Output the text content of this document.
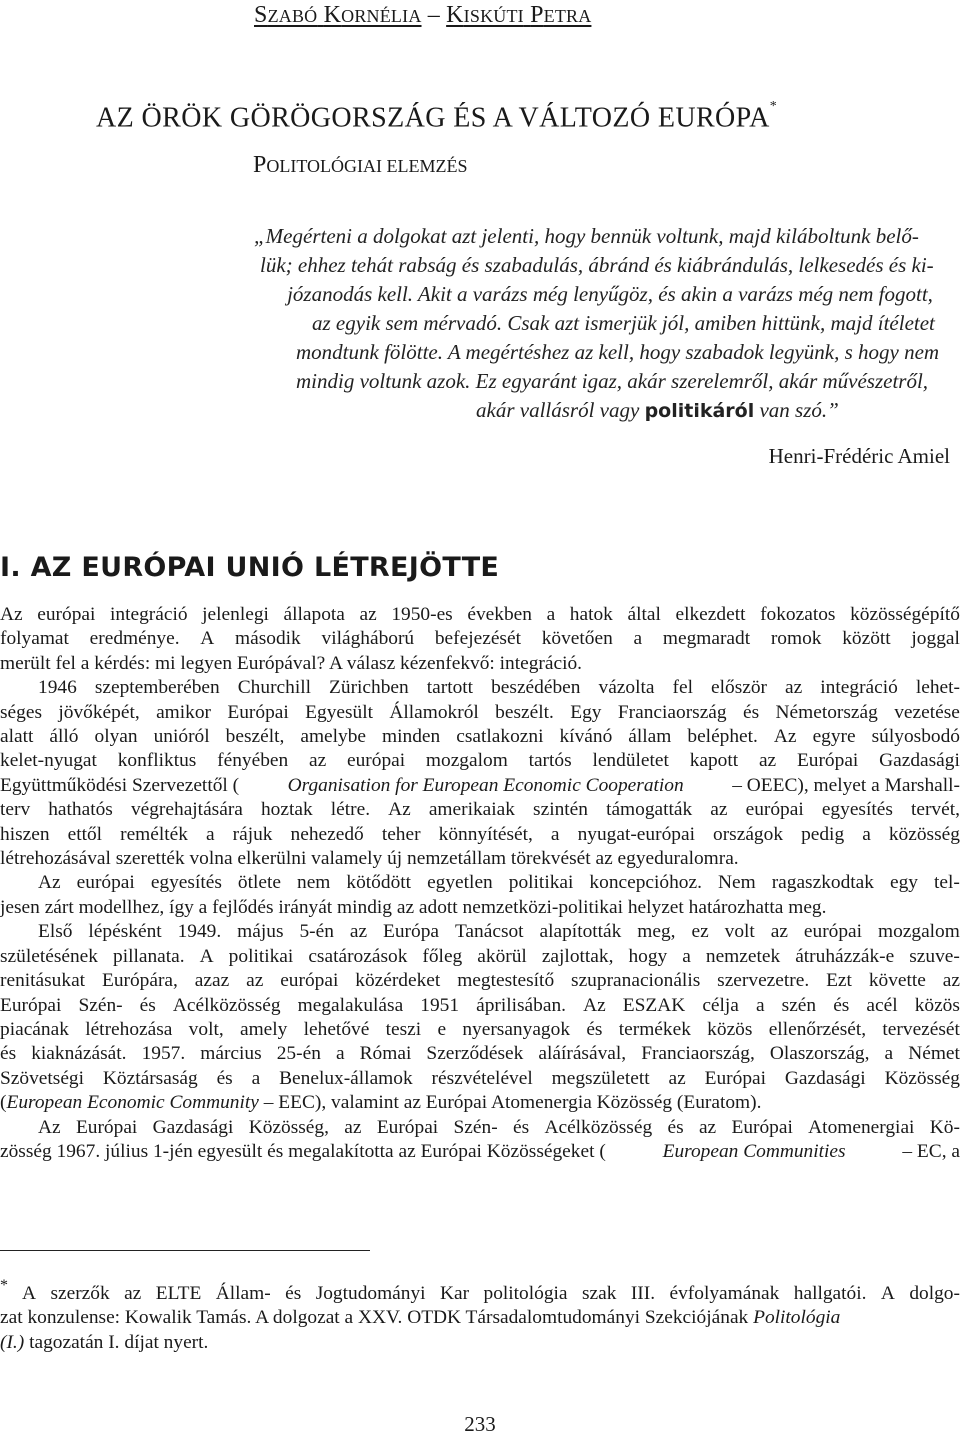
SZABÓ KORNÉLIA – KISKÚTI PETRA
AZ ÖRÖK GÖRÖGORSZÁG ÉS A VÁLTOZÓ EURÓPA*
POLITOLÓGIAI ELEMZÉS
„Megérteni a dolgokat azt jelenti, hogy bennük voltunk, majd kiláboltunk belő-
lük; ehhez tehát rabság és szabadulás, ábránd és kiábrándulás, lelkesedés és ki-
józanodás kell. Akit a varázs még lenyűgöz, és akin a varázs még nem fogott,
az egyik sem mérvadó. Csak azt ismerjük jól, amiben hittünk, majd ítéletet
mondtunk fölötte. A megértéshez az kell, hogy szabadok legyünk, s hogy nem
mindig voltunk azok. Ez egyaránt igaz, akár szerelemről, akár művészetről,
akár vallásról vagy politikáról van szó.”
Henri-Frédéric Amiel
I. AZ EURÓPAI UNIÓ LÉTREJÖTTE
Az európai integráció jelenlegi állapota az 1950-es években a hatok által elkezdett fokozatos közösségépítő
folyamat eredménye. A második világháború befejezését követően a megmaradt romok között joggal
merült fel a kérdés: mi legyen Európával? A válasz kézenfekvő: integráció.
1946 szeptemberében Churchill Zürichben tartott beszédében vázolta fel először az integráció lehet-
séges jövőképét, amikor Európai Egyesült Államokról beszélt. Egy Franciaország és Németország vezetése
alatt álló olyan unióról beszélt, amelybe minden csatlakozni kívánó állam beléphet. Az egyre súlyosbodó
kelet-nyugat konfliktus fényében az európai mozgalom tartós lendületet kapott az Európai Gazdasági
Együttműködési Szervezettől (	Organisation for European Economic Cooperation	– OEEC), melyet a Marshall-
terv hathatós végrehajtására hoztak létre. Az amerikaiak szintén támogatták az európai egyesítés tervét,
hiszen ettől remélték a rájuk nehezedő teher könnyítését, a nyugat-európai országok pedig a közösség
létrehozásával szerették volna elkerülni valamely új nemzetállam törekvését az egyeduralomra.
Az európai egyesítés ötlete nem kötődött egyetlen politikai koncepcióhoz. Nem ragaszkodtak egy tel-
jesen zárt modellhez, így a fejlődés irányát mindig az adott nemzetközi-politikai helyzet határozhatta meg.
Első lépésként 1949. május 5-én az Európa Tanácsot alapították meg, ez volt az európai mozgalom
születésének pillanata. A politikai csatározások főleg akörül zajlottak, hogy a nemzetek átruházzák-e szuve-
renitásukat Európára, azaz az európai közérdeket megtestesítő szupranacionális szervezetre. Ezt követte az
Európai Szén- és Acélközösség megalakulása 1951 áprilisában. Az ESZAK célja a szén és acél közös
piacának létrehozása volt, amely lehetővé teszi e nyersanyagok és termékek közös ellenőrzését, tervezését
és kiaknázását. 1957. március 25-én a Római Szerződések aláírásával, Franciaország, Olaszország, a Német
Szövetségi Köztársaság és a Benelux-államok részvételével megszületett az Európai Gazdasági Közösség
(European Economic Community – EEC), valamint az Európai Atomenergia Közösség (Euratom).
Az Európai Gazdasági Közösség, az Európai Szén- és Acélközösség és az Európai Atomenergiai Kö-
zösség 1967. július 1-jén egyesült és megalakította az Európai Közösségeket (	European Communities	– EC, a
* A szerzők az ELTE Állam- és Jogtudományi Kar politológia szak III. évfolyamának hallgatói. A dolgo-
zat konzulense: Kowalik Tamás. A dolgozat a XXV. OTDK Társadalomtudományi Szekciójának Politológia
(I.) tagozatán I. díjat nyert.
233
